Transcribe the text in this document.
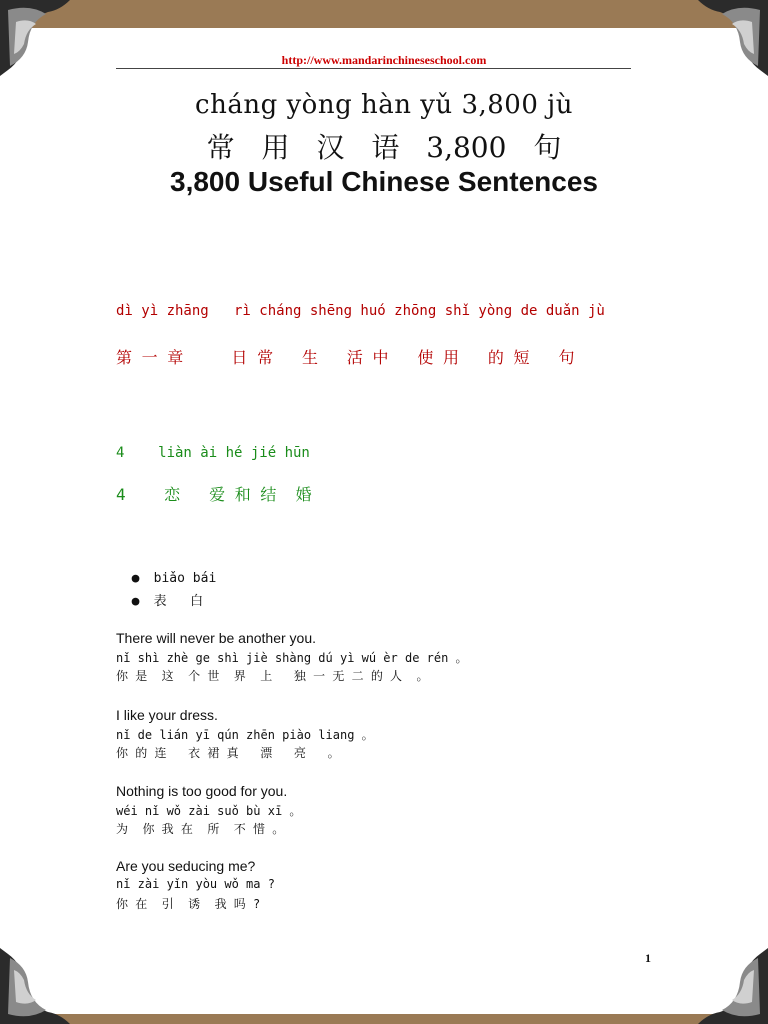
http://www.mandarinchineseschool.com
cháng yòng hàn yǔ 3,800 jù
常 用 汉 语 3,800 句
3,800 Useful Chinese Sentences
dì yì zhāng   rì cháng shēng huó zhōng shǐ yòng de duǎn jù
第 一 章     日 常   生   活 中   使 用   的 短   句
4    liàn ài hé jié hūn
4    恋   爱 和 结  婚

● biǎo bái

● 表   白

There will never be another you.
nǐ shì zhè ge shì jiè shàng dú yì wú èr de rén 。
你 是  这  个 世  界  上   独 一 无 二 的 人  。
I like your dress.
nǐ de lián yī qún zhēn piào liang 。
你 的 连   衣 裙 真   漂   亮   。
Nothing is too good for you.
wéi nǐ wǒ zài suǒ bù xī 。
为  你 我 在  所  不 惜 。
Are you seducing me?
nǐ zài yǐn yòu wǒ ma ?
你 在  引  诱  我 吗 ?
1
